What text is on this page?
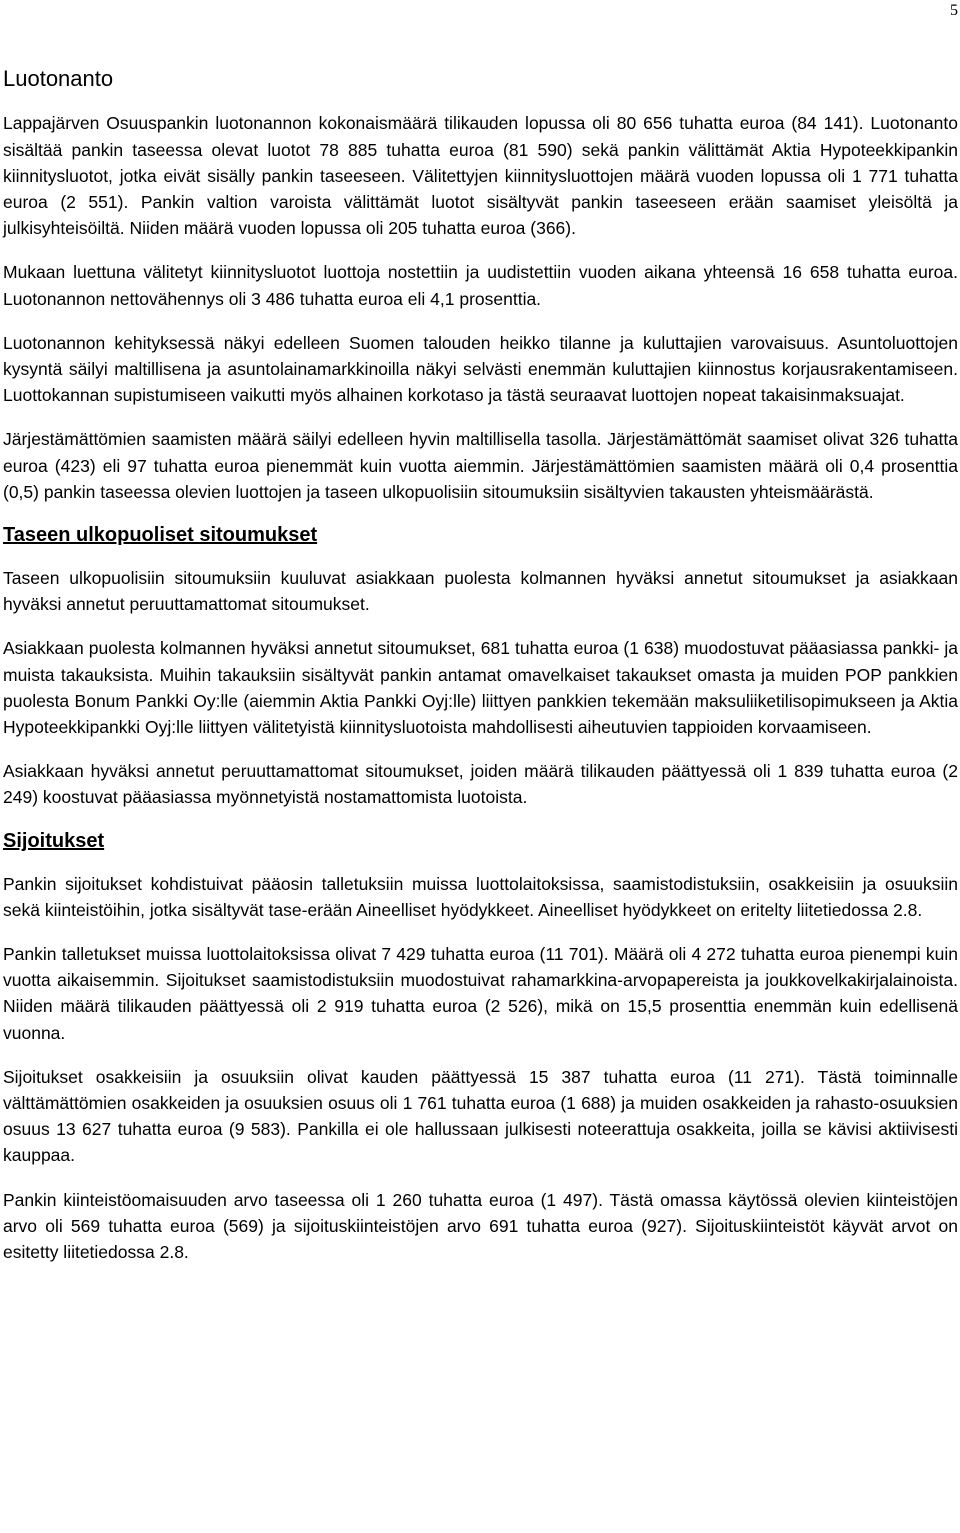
5
Luotonanto

Lappajärven Osuuspankin luotonannon kokonaismäärä tilikauden lopussa oli 80 656 tuhatta euroa (84 141). Luotonanto sisältää pankin taseessa olevat luotot 78 885 tuhatta euroa (81 590) sekä pankin välittämät Aktia Hypoteekkipankin kiinnitysluotot, jotka eivät sisälly pankin taseeseen. Välitettyjen kiinnitysluottojen määrä vuoden lopussa oli 1 771 tuhatta euroa (2 551). Pankin valtion varoista välittämät luotot sisältyvät pankin taseeseen erään saamiset yleisöltä ja julkisyhteisöiltä. Niiden määrä vuoden lopussa oli 205 tuhatta euroa (366).

Mukaan luettuna välitetyt kiinnitysluotot luottoja nostettiin ja uudistettiin vuoden aikana yhteensä 16 658 tuhatta euroa. Luotonannon nettovähennys oli 3 486 tuhatta euroa eli 4,1 prosenttia.

Luotonannon kehityksessä näkyi edelleen Suomen talouden heikko tilanne ja kuluttajien varovaisuus. Asuntoluottojen kysyntä säilyi maltillisena ja asuntolainamarkkinoilla näkyi selvästi enemmän kuluttajien kiinnostus korjausrakentamiseen. Luottokannan supistumiseen vaikutti myös alhainen korkotaso ja tästä seuraavat luottojen nopeat takaisinmaksuajat.

Järjestämättömien saamisten määrä säilyi edelleen hyvin maltillisella tasolla. Järjestämättömät saamiset olivat 326 tuhatta euroa (423) eli 97 tuhatta euroa pienemmät kuin vuotta aiemmin. Järjestämättömien saamisten määrä oli 0,4 prosenttia (0,5) pankin taseessa olevien luottojen ja taseen ulkopuolisiin sitoumuksiin sisältyvien takausten yhteismäärästä.

Taseen ulkopuoliset sitoumukset

Taseen ulkopuolisiin sitoumuksiin kuuluvat asiakkaan puolesta kolmannen hyväksi annetut sitoumukset ja asiakkaan hyväksi annetut peruuttamattomat sitoumukset.

Asiakkaan puolesta kolmannen hyväksi annetut sitoumukset, 681 tuhatta euroa (1 638) muodostuvat pääasiassa pankki- ja muista takauksista. Muihin takauksiin sisältyvät pankin antamat omavelkaiset takaukset omasta ja muiden POP pankkien puolesta Bonum Pankki Oy:lle (aiemmin Aktia Pankki Oyj:lle) liittyen pankkien tekemään maksuliiketilisopimukseen ja Aktia Hypoteekkipankki Oyj:lle liittyen välitetyistä kiinnitysluotoista mahdollisesti aiheutuvien tappioiden korvaamiseen.

Asiakkaan hyväksi annetut peruuttamattomat sitoumukset, joiden määrä tilikauden päättyessä oli 1 839 tuhatta euroa (2 249) koostuvat pääasiassa myönnetyistä nostamattomista luotoista.

Sijoitukset

Pankin sijoitukset kohdistuivat pääosin talletuksiin muissa luottolaitoksissa, saamistodistuksiin, osakkeisiin ja osuuksiin sekä kiinteistöihin, jotka sisältyvät tase-erään Aineelliset hyödykkeet. Aineelliset hyödykkeet on eritelty liitetiedossa 2.8.

Pankin talletukset muissa luottolaitoksissa olivat 7 429 tuhatta euroa (11 701). Määrä oli 4 272 tuhatta euroa pienempi kuin vuotta aikaisemmin. Sijoitukset saamistodistuksiin muodostuivat rahamarkkina-arvopapereista ja joukkovelkakirjalainoista. Niiden määrä tilikauden päättyessä oli 2 919 tuhatta euroa (2 526), mikä on 15,5 prosenttia enemmän kuin edellisenä vuonna.

Sijoitukset osakkeisiin ja osuuksiin olivat kauden päättyessä 15 387 tuhatta euroa (11 271). Tästä toiminnalle välttämättömien osakkeiden ja osuuksien osuus oli 1 761 tuhatta euroa (1 688) ja muiden osakkeiden ja rahasto-osuuksien osuus 13 627 tuhatta euroa (9 583). Pankilla ei ole hallussaan julkisesti noteerattuja osakkeita, joilla se kävisi aktiivisesti kauppaa.

Pankin kiinteistöomaisuuden arvo taseessa oli 1 260 tuhatta euroa (1 497). Tästä omassa käytössä olevien kiinteistöjen arvo oli 569 tuhatta euroa (569) ja sijoituskiinteistöjen arvo 691 tuhatta euroa (927). Sijoituskiinteistöt käyvät arvot on esitetty liitetiedossa 2.8.
